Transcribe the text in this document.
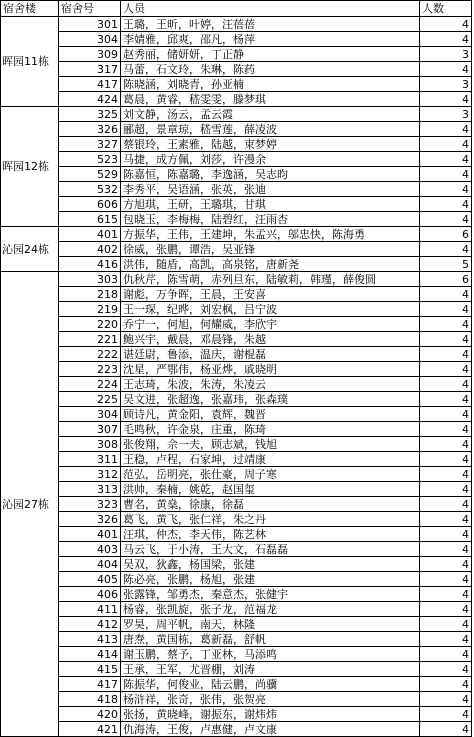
宿舍楼	宿舍号	人员	人数
晖园11栋	301	王璐，王昕，叶婷，汪蓓蓓	4
	304	李婧雅，邱爽，邵凡，杨萍	4
	309	赵秀丽，储妍妍，丁正静	3
	317	马蕾，石文玲，朱琳，陈药	4
	417	陈晓涵，刘晓青，孙亚楠	3
	424	葛晨，黄睿，嵇雯雯，滕梦琪	4
晖园12栋	325	刘文静，汤云，孟云霞	3
	326	郦超，景章琼，嵇雪莲，薛凌波	4
	327	蔡银玲，王素雅，陆越，束梦婷	4
	523	马捷，成方佩，刘莎，许漫余	4
	529	陈嘉恒，陈嘉璐，李逸涵，吴志昀	4
	532	李秀平，吴语涵，张英，张迪	4
	606	方旭琪，王研，王璐琪，甘琪	4
	615	包晓玉，李梅梅，陆碧红，汪雨杏	4
沁园24栋	401	方振华，王伟，王建坤，朱孟兴，邬忠快，陈海勇	6
	402	徐威，张鹏，谭浩，吴亚锋	4
	416	洪伟，随盾，高凯，高泉铭，唐新尧	5
沁园27栋	303	仇秋芹，陈雪萌，赤列旦东，陆敏莉，韩瑾，薛俊圆	6
	218	谢彪，万争晖，王晨，王安喜	4
	219	王一琛，纪晔，刘宏枫，吕宁波	4
	220	乔宁一，何旭，何耀威，李欣宇	4
	221	鲍兴宇，戴晨，邓晨锋，朱越	4
	222	谌廷尉，鲁添，温庆，谢棍磊	4
	223	沈星，严鄂伟，杨亚烨，戚晓明	4
	224	王志琦，朱波，朱涛，朱凌云	4
	225	吴文进，张超逸，张嘉玮，张森璞	4
	304	顾诗凡，黄金阳，袁辉，魏晋	4
	307	毛鸣秋，许金泉，庄重，陈琦	4
	308	张俊翔，佘一夫，顾志斌，钱旭	4
	311	王稳，卢程，石家坤，过靖康	4
	312	范弘，岳明亮，张仕豪，周子寒	4
	313	洪帅，秦楠，姚乾，赵国玺	4
	323	曹名，黄燊，徐康，徐磊	4
	326	葛飞，黄飞，张仁祥，朱之丹	4
	401	汪琪，仲杰，李天伟，陈艺林	4
	403	马云飞，于小涛，王大文，石磊磊	4
	404	吴双，狄鑫，杨国梁，张建	4
	405	陈必亮，张鹏，杨旭，张建	4
	406	张露锋，邹勇杰，秦意杰，张健宇	4
	411	杨睿，张凯旋，张子龙，范福龙	4
	412	罗昊，周平帆，南天，林隆	4
	413	唐焘，黄国栋，葛新磊，舒帆	4
	414	谢玉鹏，蔡予，丁亚林，马添鸣	4
	415	王承，王军，尤晋棚，刘涛	4
	417	陈振华，何俊业，陆云鹏，尚骥	4
	418	杨浒祥，张奇，张伟，张贺亮	4
	420	张扬，黄晓峰，谢振东，谢炜炜	4
	421	仇海涛，王俊，卢惠健，卢文康	4
